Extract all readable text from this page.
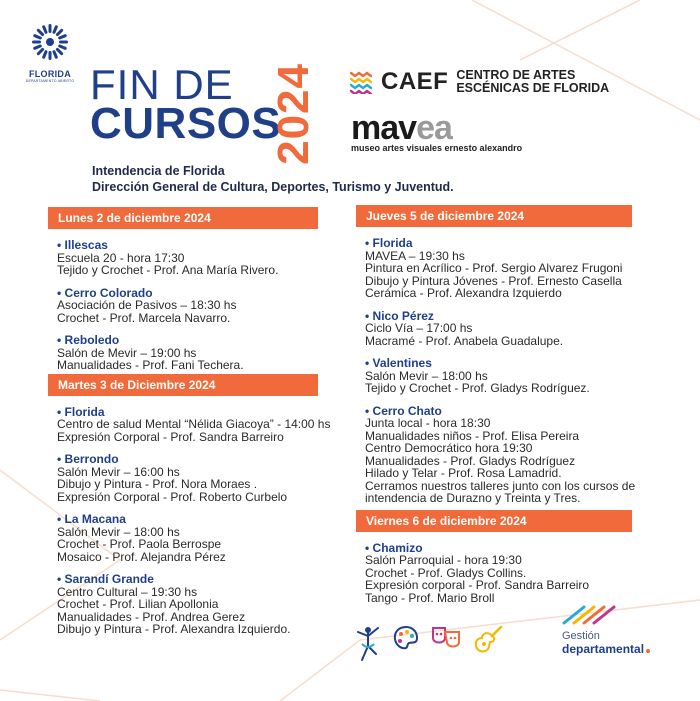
FLORIDA
DEPARTAMENTO ABIERTO FIN DE
CURSOS
2024
Intendencia de Florida
Dirección General de Cultura, Deportes, Turismo y Juventud.
CAEF CENTRO DE ARTES
ESCÉNICAS DE FLORIDA
mavea
museo artes visuales ernesto alexandro
Lunes 2 de diciembre 2024
• Illescas
Escuela 20 - hora 17:30
Tejido y Crochet - Prof. Ana María Rivero.
• Cerro Colorado
Asociación de Pasivos – 18:30 hs
Crochet - Prof. Marcela Navarro.
• Reboledo
Salón de Mevir – 19:00 hs
Manualidades - Prof. Fani Techera.
Martes 3 de Diciembre 2024
• Florida
Centro de salud Mental “Nélida Giacoya” - 14:00 hs
Expresión Corporal - Prof. Sandra Barreiro
• Berrondo
Salón Mevir – 16:00 hs
Dibujo y Pintura - Prof. Nora Moraes .
Expresión Corporal - Prof. Roberto Curbelo
• La Macana
Salón Mevir – 18:00 hs
Crochet - Prof. Paola Berrospe
Mosaico - Prof. Alejandra Pérez
• Sarandí Grande
Centro Cultural – 19:30 hs
Crochet - Prof. Lilian Apollonia
Manualidades - Prof. Andrea Gerez
Dibujo y Pintura - Prof. Alexandra Izquierdo.
Jueves 5 de diciembre 2024
• Florida
MAVEA – 19:30 hs
Pintura en Acrílico - Prof. Sergio Alvarez Frugoni
Dibujo y Pintura Jóvenes - Prof. Ernesto Casella
Cerámica - Prof. Alexandra Izquierdo
• Nico Pérez
Ciclo Vía – 17:00 hs
Macramé - Prof. Anabela Guadalupe.
• Valentines
Salón Mevir – 18:00 hs
Tejido y Crochet - Prof. Gladys Rodríguez.
• Cerro Chato
Junta local - hora 18:30
Manualidades niños - Prof. Elisa Pereira
Centro Democrático hora 19:30
Manualidades - Prof. Gladys Rodríguez
Hilado y Telar - Prof. Rosa Lamadrid.
Cerramos nuestros talleres junto con los cursos de
intendencia de Durazno y Treinta y Tres.
Viernes 6 de diciembre 2024
• Chamizo
Salón Parroquial - hora 19:30
Crochet - Prof. Gladys Collins.
Expresión corporal - Prof. Sandra Barreiro
Tango - Prof. Mario Broll
Gestión
departamental
